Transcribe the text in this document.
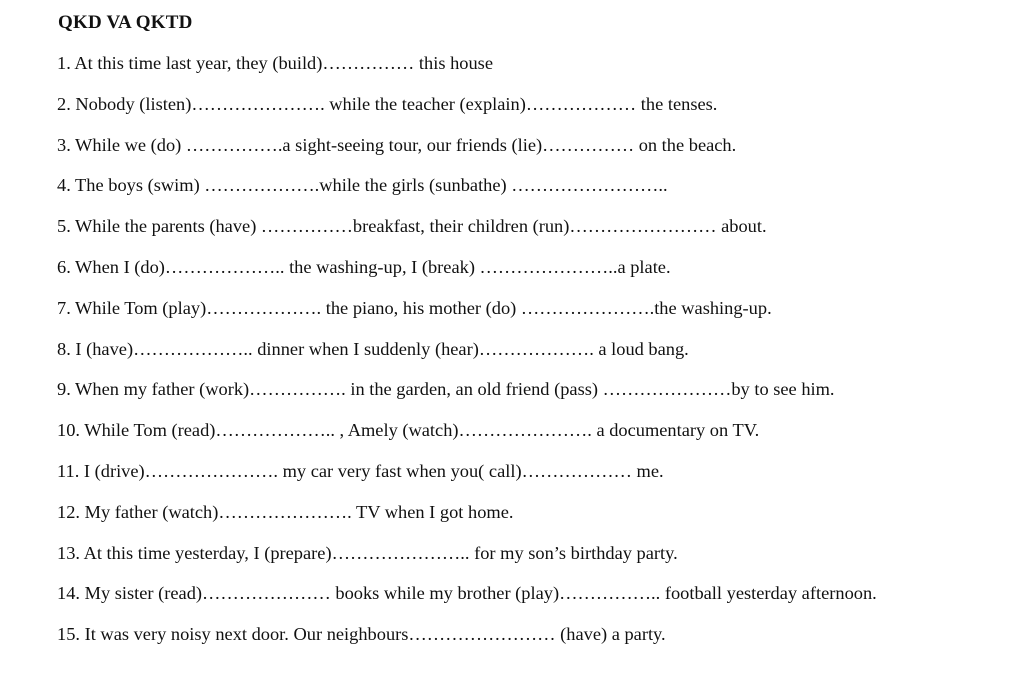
QKD VA QKTD
1. At this time last year, they (build)…………… this house
2. Nobody (listen)…………………. while the teacher (explain)……………… the tenses.
3. While we (do) …………….a sight-seeing tour, our friends (lie)…………… on the beach.
4. The boys (swim) ……………….while the girls (sunbathe) ……………………..
5. While the parents (have) ……………breakfast, their children (run)…………………… about.
6. When I (do)……………….. the washing-up, I (break) …………………..a plate.
7. While Tom (play)………………. the piano, his mother (do) ………………….the washing-up.
8. I (have)……………….. dinner when I suddenly (hear)………………. a loud bang.
9. When my father (work)……………. in the garden, an old friend (pass) …………………by to see him.
10. While Tom (read)……………….. , Amely (watch)…………………. a documentary on TV.
11. I (drive)…………………. my car very fast when you( call)……………… me.
12. My father (watch)…………………. TV when I got home.
13. At this time yesterday, I (prepare)………………….. for my son’s birthday party.
14. My sister (read)………………… books while my brother (play)…………….. football yesterday afternoon.
15. It was very noisy next door. Our neighbours…………………… (have) a party.
